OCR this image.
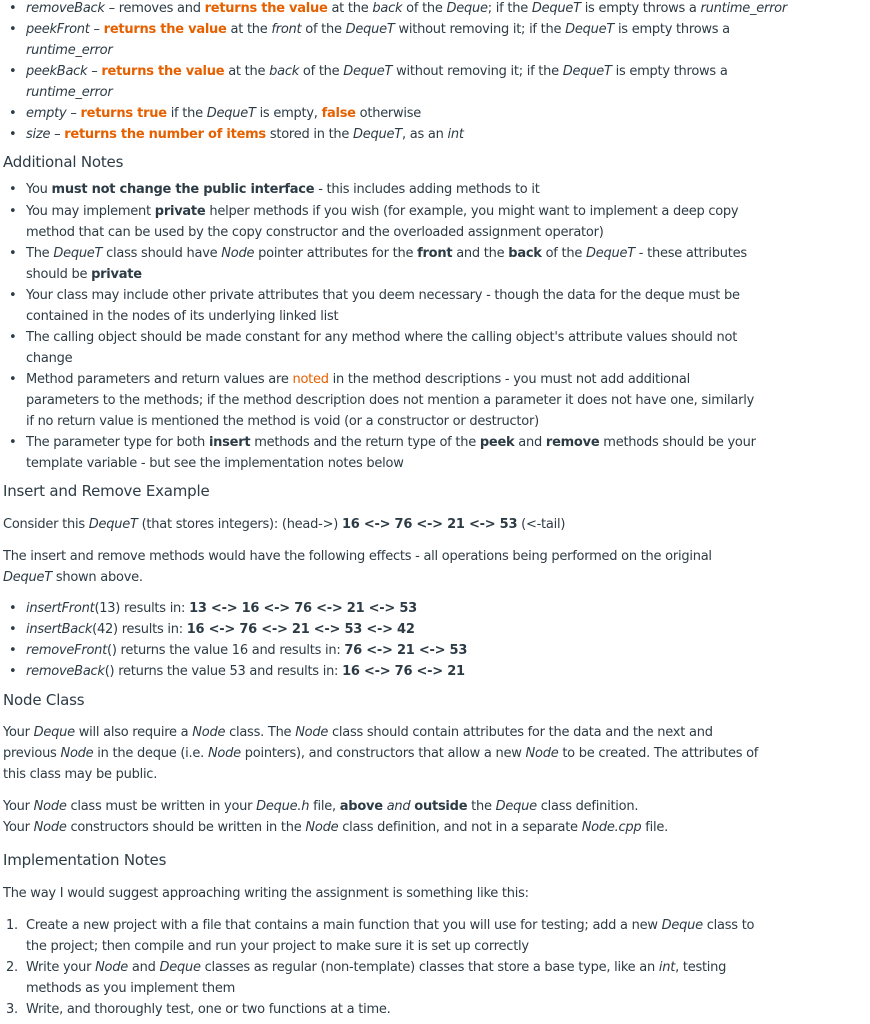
• removeBack – removes and returns the value at the back of the Deque; if the DequeT is empty throws a runtime_error
• peekFront – returns the value at the front of the DequeT without removing it; if the DequeT is empty throws a
runtime_error
• peekBack – returns the value at the back of the DequeT without removing it; if the DequeT is empty throws a
runtime_error
• empty – returns true if the DequeT is empty, false otherwise
• size – returns the number of items stored in the DequeT, as an int
Additional Notes
• You must not change the public interface - this includes adding methods to it
• You may implement private helper methods if you wish (for example, you might want to implement a deep copy
method that can be used by the copy constructor and the overloaded assignment operator)
• The DequeT class should have Node pointer attributes for the front and the back of the DequeT - these attributes
should be private
• Your class may include other private attributes that you deem necessary - though the data for the deque must be
contained in the nodes of its underlying linked list
• The calling object should be made constant for any method where the calling object's attribute values should not
change
• Method parameters and return values are noted in the method descriptions - you must not add additional
parameters to the methods; if the method description does not mention a parameter it does not have one, similarly
if no return value is mentioned the method is void (or a constructor or destructor)
• The parameter type for both insert methods and the return type of the peek and remove methods should be your
template variable - but see the implementation notes below
Insert and Remove Example
Consider this DequeT (that stores integers): (head->) 16 <-> 76 <-> 21 <-> 53 (<-tail)
The insert and remove methods would have the following effects - all operations being performed on the original
DequeT shown above.
• insertFront(13) results in: 13 <-> 16 <-> 76 <-> 21 <-> 53
• insertBack(42) results in: 16 <-> 76 <-> 21 <-> 53 <-> 42
• removeFront() returns the value 16 and results in: 76 <-> 21 <-> 53
• removeBack() returns the value 53 and results in: 16 <-> 76 <-> 21
Node Class
Your Deque will also require a Node class. The Node class should contain attributes for the data and the next and
previous Node in the deque (i.e. Node pointers), and constructors that allow a new Node to be created. The attributes of
this class may be public.
Your Node class must be written in your Deque.h file, above and outside the Deque class definition.
Your Node constructors should be written in the Node class definition, and not in a separate Node.cpp file.
Implementation Notes
The way I would suggest approaching writing the assignment is something like this:
1. Create a new project with a file that contains a main function that you will use for testing; add a new Deque class to
the project; then compile and run your project to make sure it is set up correctly
2. Write your Node and Deque classes as regular (non-template) classes that store a base type, like an int, testing
methods as you implement them
3. Write, and thoroughly test, one or two functions at a time.
